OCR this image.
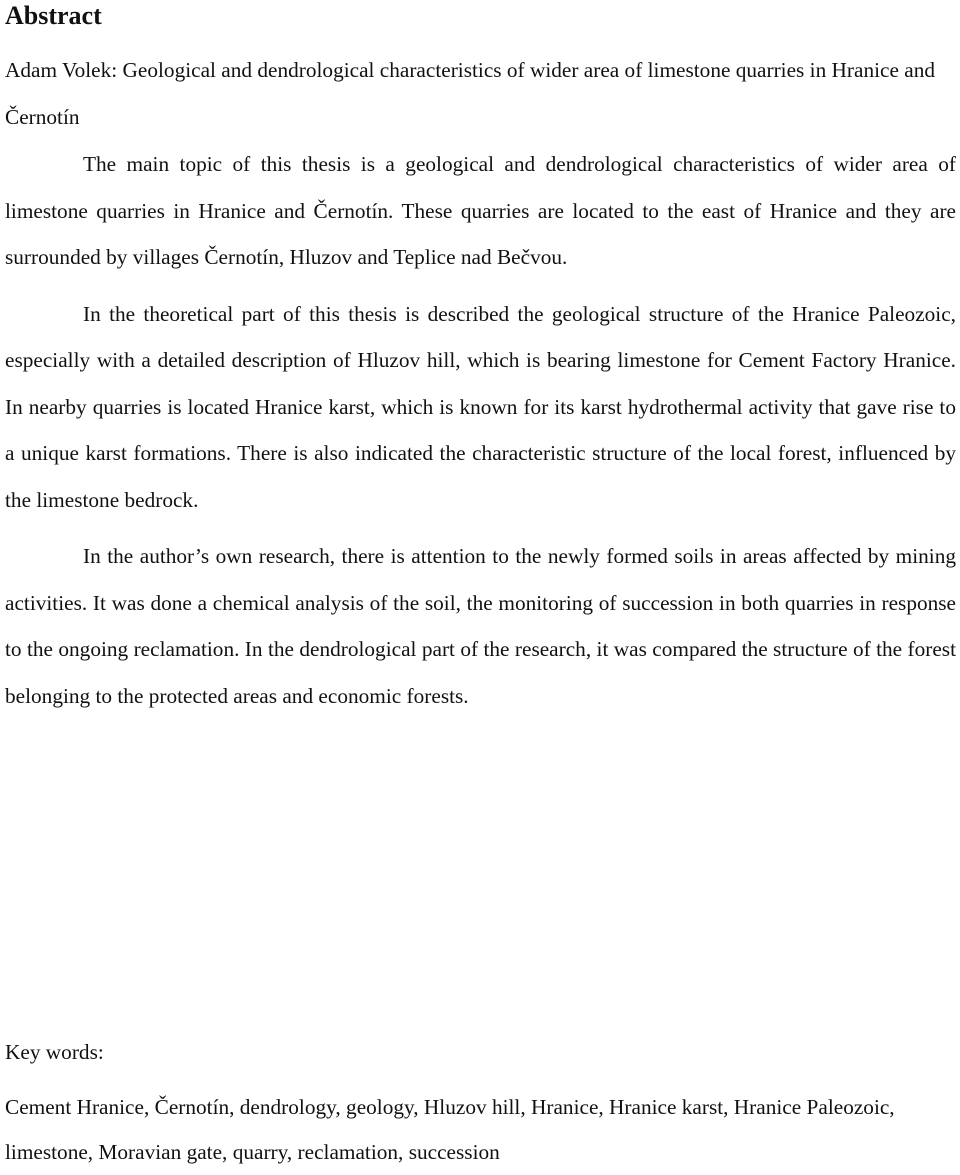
Abstract

Adam Volek: Geological and dendrological characteristics of wider area of limestone quarries in Hranice and Černotín

The main topic of this thesis is a geological and dendrological characteristics of wider area of limestone quarries in Hranice and Černotín. These quarries are located to the east of Hranice and they are surrounded by villages Černotín, Hluzov and Teplice nad Bečvou.

In the theoretical part of this thesis is described the geological structure of the Hranice Paleozoic, especially with a detailed description of Hluzov hill, which is bearing limestone for Cement Factory Hranice. In nearby quarries is located Hranice karst, which is known for its karst hydrothermal activity that gave rise to a unique karst formations. There is also indicated the characteristic structure of the local forest, influenced by the limestone bedrock.

In the author’s own research, there is attention to the newly formed soils in areas affected by mining activities. It was done a chemical analysis of the soil, the monitoring of succession in both quarries in response to the ongoing reclamation. In the dendrological part of the research, it was compared the structure of the forest belonging to the protected areas and economic forests.

Key words:

Cement Hranice, Černotín, dendrology, geology, Hluzov hill, Hranice, Hranice karst, Hranice Paleozoic, limestone, Moravian gate, quarry, reclamation, succession
